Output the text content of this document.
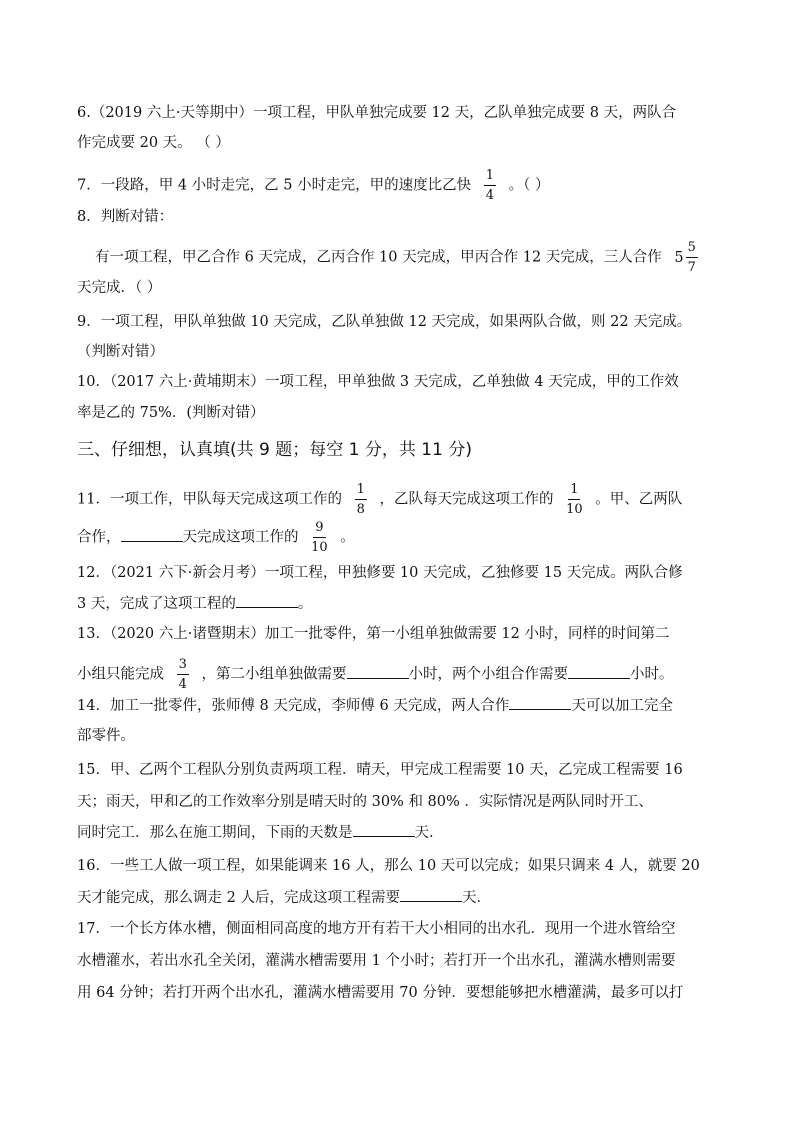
6.（2019 六上·天等期中）一项工程，甲队单独完成要 12 天，乙队单独完成要 8 天，两队合
作完成要 20 天。 （ ）
7．一段路，甲 4 小时走完，乙 5 小时走完，甲的速度比乙快 $\frac{1}{4}$ 。（ ）
8．判断对错：
有一项工程，甲乙合作 6 天完成，乙丙合作 10 天完成，甲丙合作 12 天完成，三人合作 $5 \frac{5}{7}$
天完成．（ ）
9．一项工程，甲队单独做 10 天完成，乙队单独做 12 天完成，如果两队合做，则 22 天完成。
（判断对错）
10．（2017 六上·黄埔期末）一项工程，甲单独做 3 天完成，乙单独做 4 天完成，甲的工作效
率是乙的 75%．(判断对错）
三、仔细想，认真填(共 9 题；每空 1 分，共 11 分)
11．一项工作，甲队每天完成这项工作的 $\frac{1}{8}$ ，乙队每天完成这项工作的 $\frac{1}{10}$ 。甲、乙两队
合作，	天完成这项工作的 $\frac{9}{10}$ 。
12．（2021 六下·新会月考）一项工程，甲独修要 10 天完成，乙独修要 15 天完成。两队合修
3 天，完成了这项工程的	。
13．（2020 六上·诸暨期末）加工一批零件，第一小组单独做需要 12 小时，同样的时间第二
小组只能完成 $\frac{3}{4}$ ，第二小组单独做需要	小时，两个小组合作需要	小时。
14．加工一批零件，张师傅 8 天完成，李师傅 6 天完成，两人合作	天可以加工完全
部零件。
15．甲、乙两个工程队分别负责两项工程．晴天，甲完成工程需要 10 天，乙完成工程需要 16
天；雨天，甲和乙的工作效率分别是晴天时的 30% 和 80% ．实际情况是两队同时开工、
同时完工．那么在施工期间，下雨的天数是	天．
16．一些工人做一项工程，如果能调来 16 人，那么 10 天可以完成；如果只调来 4 人，就要 20
天才能完成，那么调走 2 人后，完成这项工程需要	天．
17．一个长方体水槽，侧面相同高度的地方开有若干大小相同的出水孔．现用一个进水管给空
水槽灌水，若出水孔全关闭，灌满水槽需要用 1 个小时；若打开一个出水孔，灌满水槽则需要
用 64 分钟；若打开两个出水孔，灌满水槽需要用 70 分钟．要想能够把水槽灌满，最多可以打
